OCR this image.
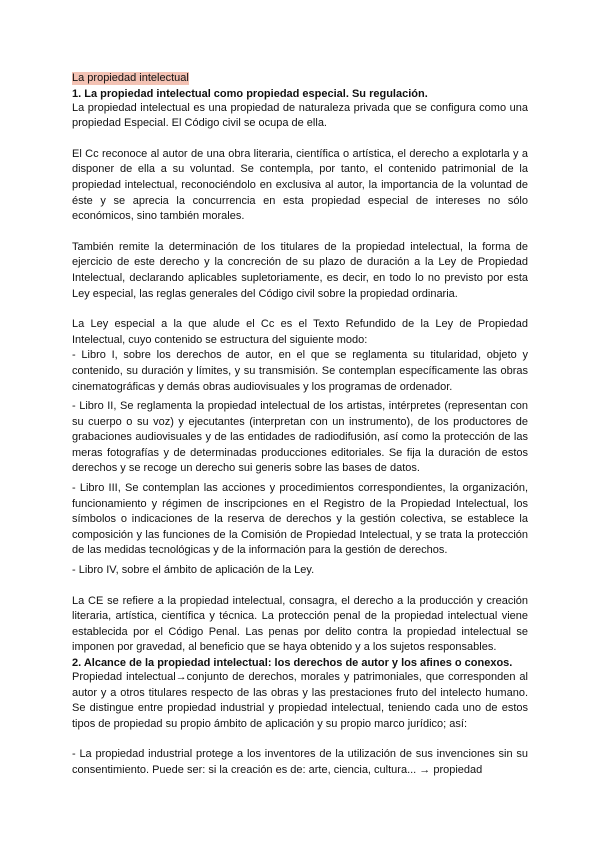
La propiedad intelectual
1. La propiedad intelectual como propiedad especial. Su regulación.

La propiedad intelectual es una propiedad de naturaleza privada que se configura como una propiedad Especial. El Código civil se ocupa de ella.

El Cc reconoce al autor de una obra literaria, científica o artística, el derecho a explotarla y a disponer de ella a su voluntad. Se contempla, por tanto, el contenido patrimonial de la propiedad intelectual, reconociéndolo en exclusiva al autor, la importancia de la voluntad de éste y se aprecia la concurrencia en esta propiedad especial de intereses no sólo económicos, sino también morales.

También remite la determinación de los titulares de la propiedad intelectual, la forma de ejercicio de este derecho y la concreción de su plazo de duración a la Ley de Propiedad Intelectual, declarando aplicables supletoriamente, es decir, en todo lo no previsto por esta Ley especial, las reglas generales del Código civil sobre la propiedad ordinaria.

La Ley especial a la que alude el Cc es el Texto Refundido de la Ley de Propiedad Intelectual, cuyo contenido se estructura del siguiente modo:

- Libro I, sobre los derechos de autor, en el que se reglamenta su titularidad, objeto y contenido, su duración y límites, y su transmisión. Se contemplan específicamente las obras cinematográficas y demás obras audiovisuales y los programas de ordenador.

- Libro II, Se reglamenta la propiedad intelectual de los artistas, intérpretes (representan con su cuerpo o su voz) y ejecutantes (interpretan con un instrumento), de los productores de grabaciones audiovisuales y de las entidades de radiodifusión, así como la protección de las meras fotografías y de determinadas producciones editoriales. Se fija la duración de estos derechos y se recoge un derecho sui generis sobre las bases de datos.

- Libro III, Se contemplan las acciones y procedimientos correspondientes, la organización, funcionamiento y régimen de inscripciones en el Registro de la Propiedad Intelectual, los símbolos o indicaciones de la reserva de derechos y la gestión colectiva, se establece la composición y las funciones de la Comisión de Propiedad Intelectual, y se trata la protección de las medidas tecnológicas y de la información para la gestión de derechos.

- Libro IV, sobre el ámbito de aplicación de la Ley.

La CE se refiere a la propiedad intelectual, consagra, el derecho a la producción y creación literaria, artística, científica y técnica. La protección penal de la propiedad intelectual viene establecida por el Código Penal. Las penas por delito contra la propiedad intelectual se imponen por gravedad, al beneficio que se haya obtenido y a los sujetos responsables.

2. Alcance de la propiedad intelectual: los derechos de autor y los afines o conexos.

Propiedad intelectual→conjunto de derechos, morales y patrimoniales, que corresponden al autor y a otros titulares respecto de las obras y las prestaciones fruto del intelecto humano. Se distingue entre propiedad industrial y propiedad intelectual, teniendo cada uno de estos tipos de propiedad su propio ámbito de aplicación y su propio marco jurídico; así:

- La propiedad industrial protege a los inventores de la utilización de sus invenciones sin su consentimiento. Puede ser: si la creación es de: arte, ciencia, cultura... → propiedad
